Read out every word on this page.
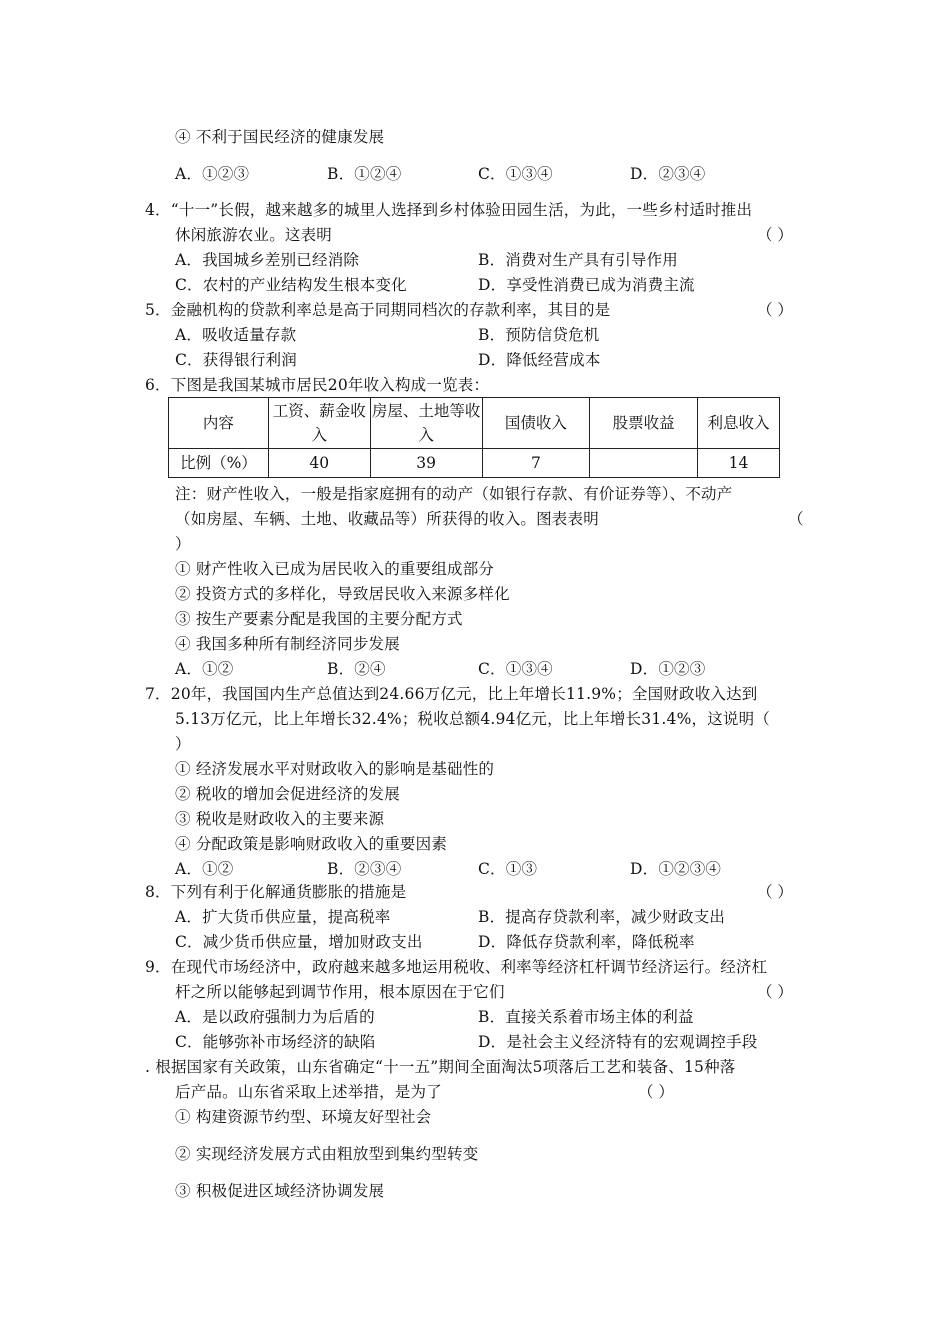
④ 不利于国民经济的健康发展
A．①②③	B．①②④	C．①③④	D．②③④
4．“十一”长假，越来越多的城里人选择到乡村体验田园生活，为此，一些乡村适时推出
休闲旅游农业。这表明	（ ）
A．我国城乡差别已经消除	B．消费对生产具有引导作用
C．农村的产业结构发生根本变化	D．享受性消费已成为消费主流
5．金融机构的贷款利率总是高于同期同档次的存款利率，其目的是	（ ）
A．吸收适量存款	B．预防信贷危机
C．获得银行利润	D．降低经营成本
6．下图是我国某城市居民20年收入构成一览表：
内容	工资、薪金收入	房屋、土地等收入	国债收入	股票收益	利息收入
比例（%）	40	39	7		14
注：财产性收入，一般是指家庭拥有的动产（如银行存款、有价证券等）、不动产
（如房屋、车辆、土地、收藏品等）所获得的收入。图表表明	（
）
① 财产性收入已成为居民收入的重要组成部分
② 投资方式的多样化，导致居民收入来源多样化
③ 按生产要素分配是我国的主要分配方式
④ 我国多种所有制经济同步发展
A．①②	B．②④	C．①③④	D．①②③
7．20年，我国国内生产总值达到24.66万亿元，比上年增长11.9%；全国财政收入达到
5.13万亿元，比上年增长32.4%；税收总额4.94亿元，比上年增长31.4%，这说明（
）
① 经济发展水平对财政收入的影响是基础性的
② 税收的增加会促进经济的发展
③ 税收是财政收入的主要来源
④ 分配政策是影响财政收入的重要因素
A．①②	B．②③④	C．①③	D．①②③④
8．下列有利于化解通货膨胀的措施是	（ ）
A．扩大货币供应量，提高税率	B．提高存贷款利率，减少财政支出
C．减少货币供应量，增加财政支出	D．降低存贷款利率，降低税率
9．在现代市场经济中，政府越来越多地运用税收、利率等经济杠杆调节经济运行。经济杠
杆之所以能够起到调节作用，根本原因在于它们	（ ）
A．是以政府强制力为后盾的	B．直接关系着市场主体的利益
C．能够弥补市场经济的缺陷	D．是社会主义经济特有的宏观调控手段
. 根据国家有关政策，山东省确定“十一五”期间全面淘汰5项落后工艺和装备、15种落
后产品。山东省采取上述举措，是为了	（ ）
① 构建资源节约型、环境友好型社会
② 实现经济发展方式由粗放型到集约型转变
③ 积极促进区域经济协调发展
